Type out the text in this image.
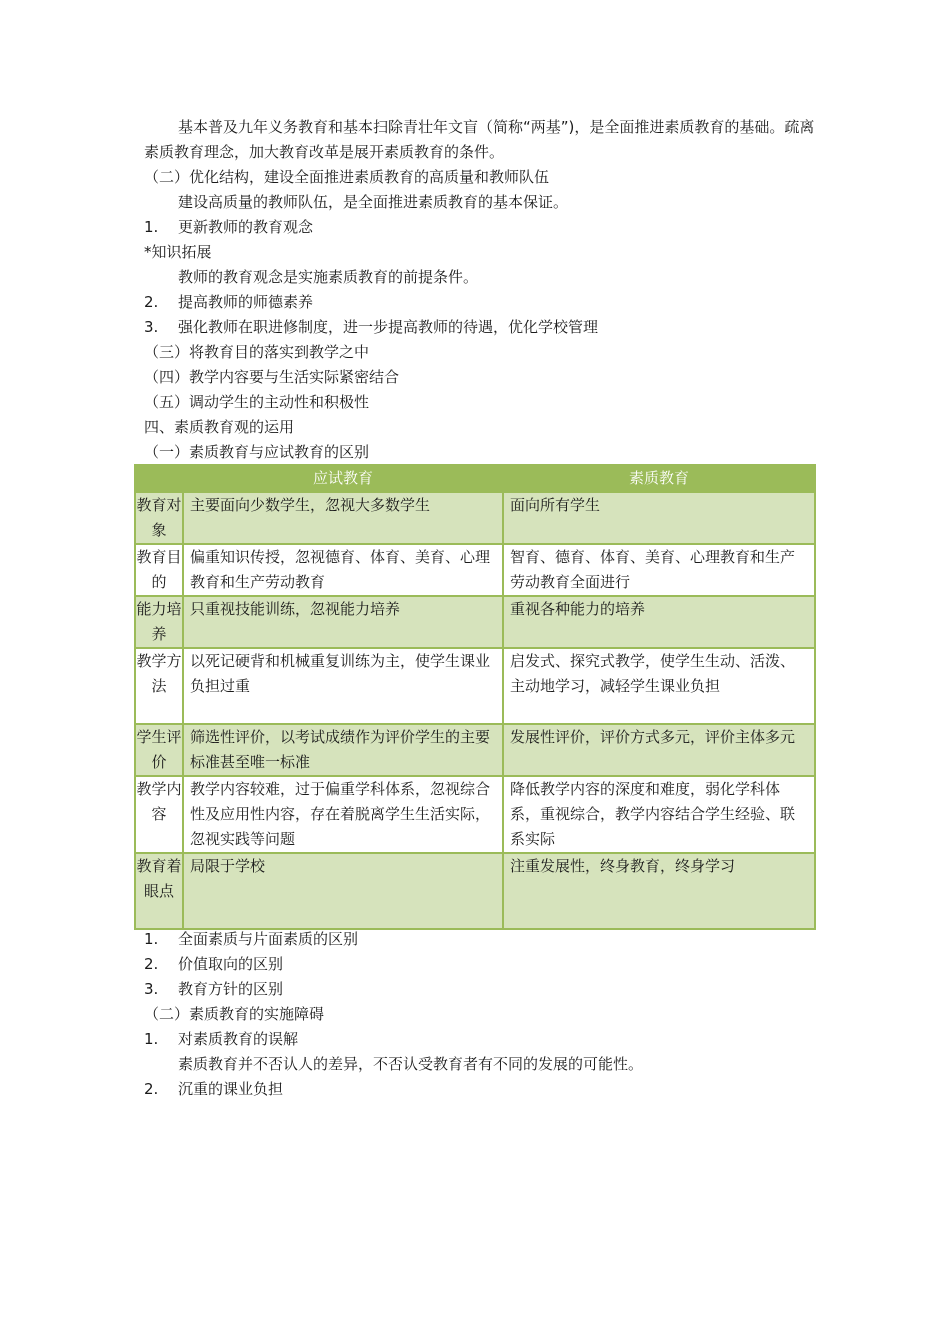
基本普及九年义务教育和基本扫除青壮年文盲（简称“两基”)，是全面推进素质教育的基础。疏离素质教育理念，加大教育改革是展开素质教育的条件。
（二）优化结构，建设全面推进素质教育的高质量和教师队伍
建设高质量的教师队伍，是全面推进素质教育的基本保证。
1. 更新教师的教育观念
*知识拓展
教师的教育观念是实施素质教育的前提条件。
2. 提高教师的师德素养
3. 强化教师在职进修制度，进一步提高教师的待遇，优化学校管理
（三）将教育目的落实到教学之中
（四）教学内容要与生活实际紧密结合
（五）调动学生的主动性和积极性
四、素质教育观的运用
（一）素质教育与应试教育的区别
	应试教育	素质教育
教育对象	主要面向少数学生，忽视大多数学生	面向所有学生
教育目的	偏重知识传授，忽视德育、体育、美育、心理教育和生产劳动教育	智育、德育、体育、美育、心理教育和生产劳动教育全面进行
能力培养	只重视技能训练，忽视能力培养	重视各种能力的培养
教学方法	以死记硬背和机械重复训练为主，使学生课业负担过重	启发式、探究式教学，使学生生动、活泼、主动地学习，减轻学生课业负担
学生评价	筛选性评价，以考试成绩作为评价学生的主要标准甚至唯一标准	发展性评价，评价方式多元，评价主体多元
教学内容	教学内容较难，过于偏重学科体系，忽视综合性及应用性内容，存在着脱离学生生活实际，忽视实践等问题	降低教学内容的深度和难度，弱化学科体系，重视综合，教学内容结合学生经验、联系实际
教育着眼点	局限于学校	注重发展性，终身教育，终身学习
1. 全面素质与片面素质的区别
2. 价值取向的区别
3. 教育方针的区别
（二）素质教育的实施障碍
1. 对素质教育的误解
素质教育并不否认人的差异，不否认受教育者有不同的发展的可能性。
2. 沉重的课业负担
